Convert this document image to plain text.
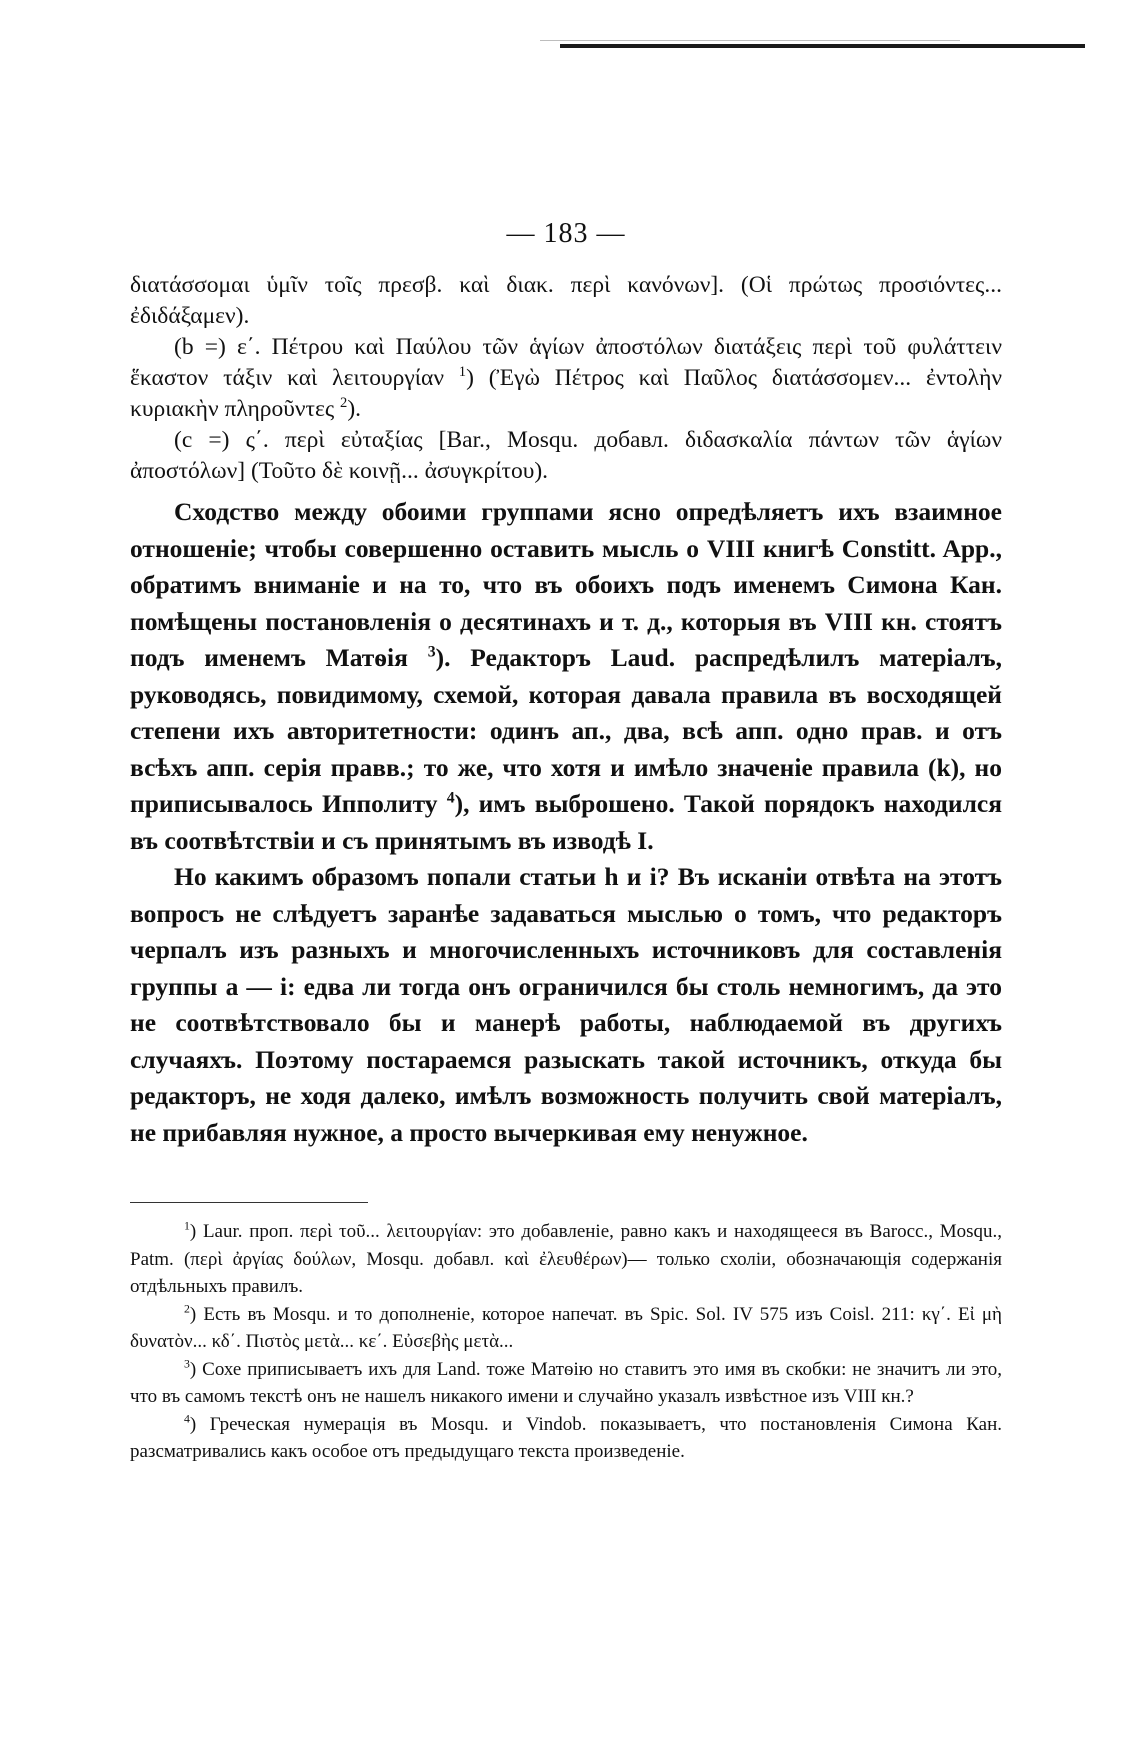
— 183 —

διατάσσομαι ὑμῖν τοῖς πρεσβ. καὶ διακ. περὶ κανόνων]. (Οἱ πρώτως προσιόντες... ἐδιδάξαμεν).

(b =) ε΄. Πέτρου καὶ Παύλου τῶν ἁγίων ἀποστόλων διατάξεις περὶ τοῦ φυλάττειν ἕκαστον τάξιν καὶ λειτουργίαν $^1$) (Ἐγὼ Πέτρος καὶ Παῦλος διατάσσομεν... ἐντολὴν κυριακὴν πληροῦντες $^2$).

(c =) ς΄. περὶ εὐταξίας [Bar., Mosqu. добавл. διδασκαλία πάντων τῶν ἁγίων ἀποστόλων] (Τοῦτο δὲ κοινῇ... ἀσυγκρίτου).

Сходство между обоими группами ясно опредѣляетъ ихъ взаимное отношеніе; чтобы совершенно оставить мысль о VIII книгѣ Constitt. App., обратимъ вниманіе и на то, что въ обоихъ подъ именемъ Симона Кан. помѣщены постановленія о десятинахъ и т. д., которыя въ VIII кн. стоятъ подъ именемъ Матѳія $^3$). Редакторъ Laud. распредѣлилъ матеріалъ, руководясь, повидимому, схемой, которая давала правила въ восходящей степени ихъ авторитетности: одинъ ап., два, всѣ апп. одно прав. и отъ всѣхъ апп. серія правв.; то же, что хотя и имѣло значеніе правила (k), но приписывалось Ипполиту $^4$), имъ выброшено. Такой порядокъ находился въ соотвѣтствіи и съ принятымъ въ изводѣ I.

Но какимъ образомъ попали статьи h и i? Въ исканіи отвѣта на этотъ вопросъ не слѣдуетъ заранѣе задаваться мыслью о томъ, что редакторъ черпалъ изъ разныхъ и многочисленныхъ источниковъ для составленія группы a — i: едва ли тогда онъ ограничился бы столь немногимъ, да это не соотвѣтствовало бы и манерѣ работы, наблюдаемой въ другихъ случаяхъ. Поэтому постараемся разыскать такой источникъ, откуда бы редакторъ, не ходя далеко, имѣлъ возможность получить свой матеріалъ, не прибавляя нужное, а просто вычеркивая ему ненужное.

$^1$) Laur. проп. περὶ τοῦ... λειτουργίαν: это добавленіе, равно какъ и находящееся въ Barocc., Mosqu., Patm. (περὶ ἀργίας δούλων, Mosqu. добавл. καὶ ἐλευθέρων)— только схоліи, обозначающія содержанія отдѣльныхъ правилъ.

$^2$) Есть въ Mosqu. и то дополненіе, которое напечат. въ Spic. Sol. IV 575 изъ Coisl. 211: κγ΄. Εἰ μὴ δυνατὸν... κδ΄. Πιστὸς μετὰ... κε΄. Εὐσεβὴς μετὰ...

$^3$) Сохе приписываетъ ихъ для Land. тоже Матѳію но ставитъ это имя въ скобки: не значитъ ли это, что въ самомъ текстѣ онъ не нашелъ никакого имени и случайно указалъ извѣстное изъ VIII кн.?

$^4$) Греческая нумерація въ Mosqu. и Vindob. показываетъ, что постановленія Симона Кан. разсматривались какъ особое отъ предыдущаго текста произведеніе.
